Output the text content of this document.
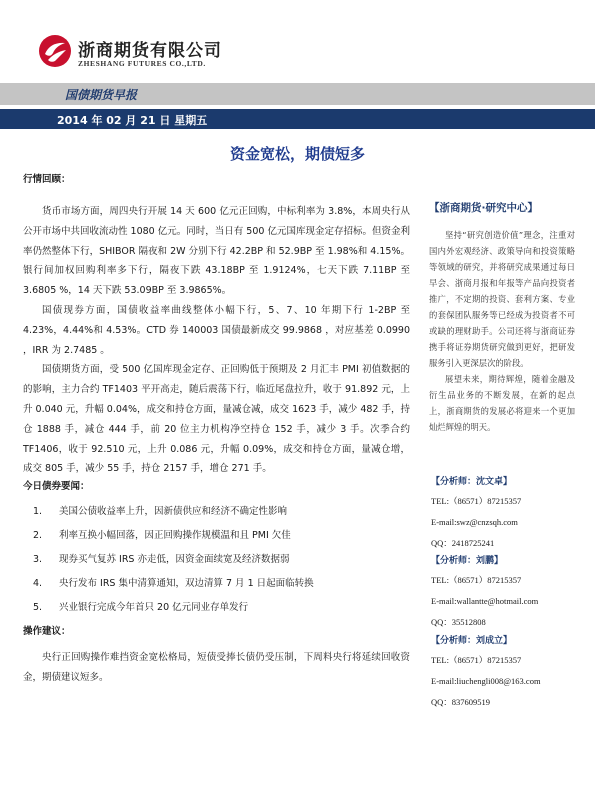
浙商期货有限公司
ZHESHANG FUTURES CO.,LTD.
国债期货早报
2014 年 02 月 21 日 星期五
资金宽松，期债短多
行情回顾：

货币市场方面，周四央行开展 14 天 600 亿元正回购，中标利率为 3.8%，本周央行从公开市场中共回收流动性 1080 亿元。同时，当日有 500 亿元国库现金定存招标。但资金利率仍然整体下行，SHIBOR 隔夜和 2W 分别下行 42.2BP 和 52.9BP 至 1.98%和 4.15%。银行间加权回购利率多下行，隔夜下跌 43.18BP 至 1.9124%，七天下跌 7.11BP 至 3.6805 %，14 天下跌 53.09BP 至 3.9865%。

国债现券方面，国债收益率曲线整体小幅下行，5、7、10 年期下行 1-2BP 至 4.23%，4.44%和 4.53%。CTD 券 140003 国债最新成交 99.9868 ，对应基差 0.0990 ，IRR 为 2.7485 。

国债期货方面，受 500 亿国库现金定存、正回购低于预期及 2 月汇丰 PMI 初值数据的的影响，主力合约 TF1403 平开高走，随后震荡下行，临近尾盘拉升，收于 91.892 元，上升 0.040 元，升幅 0.04%，成交和持仓方面，量减仓减，成交 1623 手，减少 482 手，持仓 1888 手，减仓 444 手，前 20 位主力机构净空持仓 152 手，减少 3 手。次季合约 TF1406，收于 92.510 元，上升 0.086 元，升幅 0.09%，成交和持仓方面，量减仓增，成交 805 手，减少 55 手，持仓 2157 手，增仓 271 手。

今日债券要闻：
1. 美国公债收益率上升，因新债供应和经济不确定性影响
2. 利率互换小幅回落，因正回购操作规模温和且 PMI 欠佳
3. 现券买气复苏 IRS 亦走低，因资金面续宽及经济数据弱
4. 央行发布 IRS 集中清算通知，双边清算 7 月 1 日起面临转换
5. 兴业银行完成今年首只 20 亿元同业存单发行
操作建议：

央行正回购操作难挡资金宽松格局，短债受捧长债仍受压制，下周料央行将延续回收资金，期债建议短多。

【浙商期货·研究中心】

坚持“研究创造价值”理念，注重对国内外宏观经济、政策导向和投资策略等领域的研究，并将研究成果通过每日早会、浙商月报和年报等产品向投资者推广，不定期的投资、套利方案、专业的套保团队服务等已经成为投资者不可或缺的理财助手。公司还将与浙商证券携手将证券期货研究做到更好，把研发服务引入更深层次的阶段。

展望未来，期待辉煌，随着金融及衍生品业务的不断发展，在新的起点上，浙商期货的发展必将迎来一个更加灿烂辉煌的明天。

【分析师：沈文卓】
TEL:（86571）87215357
E-mail:swz@cnzsqh.com
QQ：2418725241
【分析师：刘鹏】
TEL:（86571）87215357
E-mail:wallantte@hotmail.com
QQ：35512808
【分析师：刘成立】
TEL:（86571）87215357
E-mail:liuchengli008@163.com
QQ：837609519
